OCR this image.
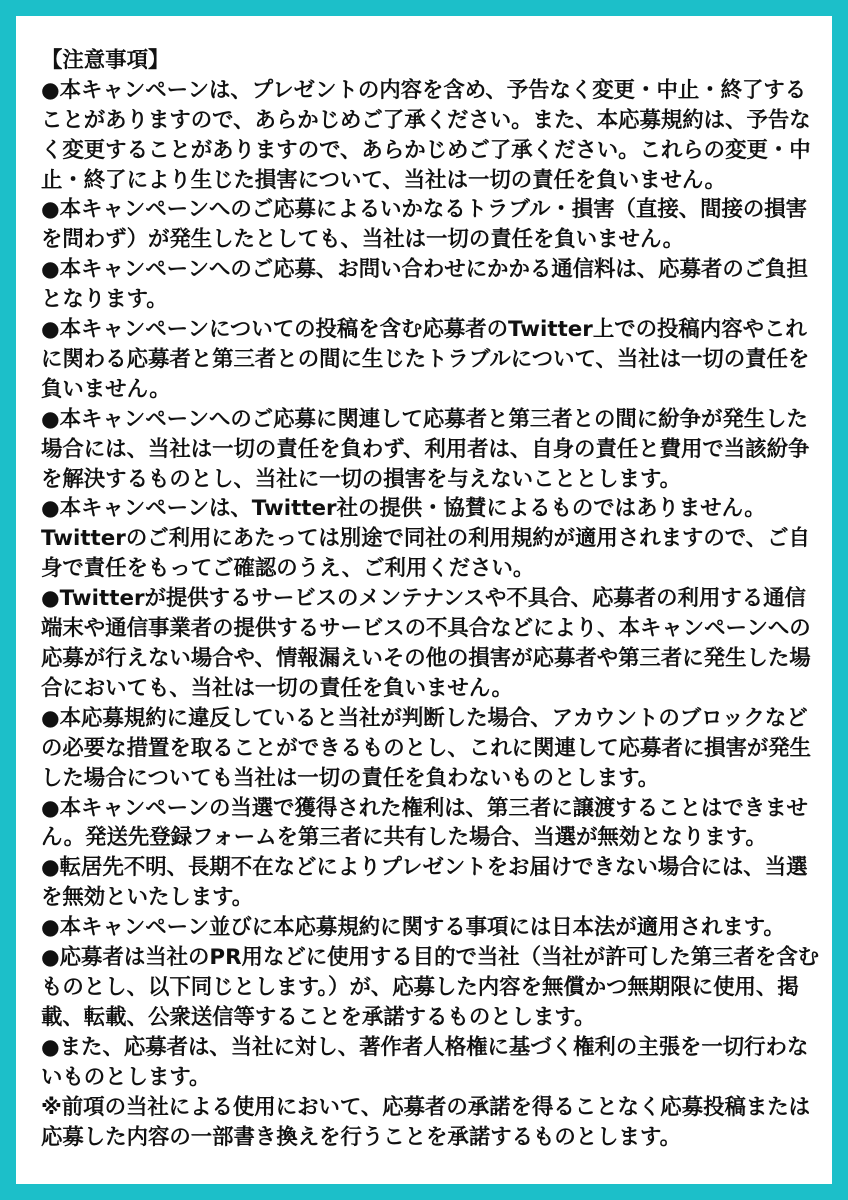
【注意事項】

●本キャンペーンは、プレゼントの内容を含め、予告なく変更・中止・終了する

ことがありますので、あらかじめご了承ください。また、本応募規約は、予告な

く変更することがありますので、あらかじめご了承ください。これらの変更・中

止・終了により生じた損害について、当社は一切の責任を負いません。

●本キャンペーンへのご応募によるいかなるトラブル・損害（直接、間接の損害

を問わず）が発生したとしても、当社は一切の責任を負いません。

●本キャンペーンへのご応募、お問い合わせにかかる通信料は、応募者のご負担

となります。

●本キャンペーンについての投稿を含む応募者のTwitter上での投稿内容やこれ

に関わる応募者と第三者との間に生じたトラブルについて、当社は一切の責任を

負いません。

●本キャンペーンへのご応募に関連して応募者と第三者との間に紛争が発生した

場合には、当社は一切の責任を負わず、利用者は、自身の責任と費用で当該紛争

を解決するものとし、当社に一切の損害を与えないこととします。

●本キャンペーンは、Twitter社の提供・協賛によるものではありません。

Twitterのご利用にあたっては別途で同社の利用規約が適用されますので、ご自

身で責任をもってご確認のうえ、ご利用ください。

●Twitterが提供するサービスのメンテナンスや不具合、応募者の利用する通信

端末や通信事業者の提供するサービスの不具合などにより、本キャンペーンへの

応募が行えない場合や、情報漏えいその他の損害が応募者や第三者に発生した場

合においても、当社は一切の責任を負いません。

●本応募規約に違反していると当社が判断した場合、アカウントのブロックなど

の必要な措置を取ることができるものとし、これに関連して応募者に損害が発生

した場合についても当社は一切の責任を負わないものとします。

●本キャンペーンの当選で獲得された権利は、第三者に譲渡することはできませ

ん。発送先登録フォームを第三者に共有した場合、当選が無効となります。

●転居先不明、長期不在などによりプレゼントをお届けできない場合には、当選

を無効といたします。

●本キャンペーン並びに本応募規約に関する事項には日本法が適用されます。

●応募者は当社のPR用などに使用する目的で当社（当社が許可した第三者を含む

ものとし、以下同じとします。）が、応募した内容を無償かつ無期限に使用、掲

載、転載、公衆送信等することを承諾するものとします。

●また、応募者は、当社に対し、著作者人格権に基づく権利の主張を一切行わな

いものとします。

※前項の当社による使用において、応募者の承諾を得ることなく応募投稿または

応募した内容の一部書き換えを行うことを承諾するものとします。
